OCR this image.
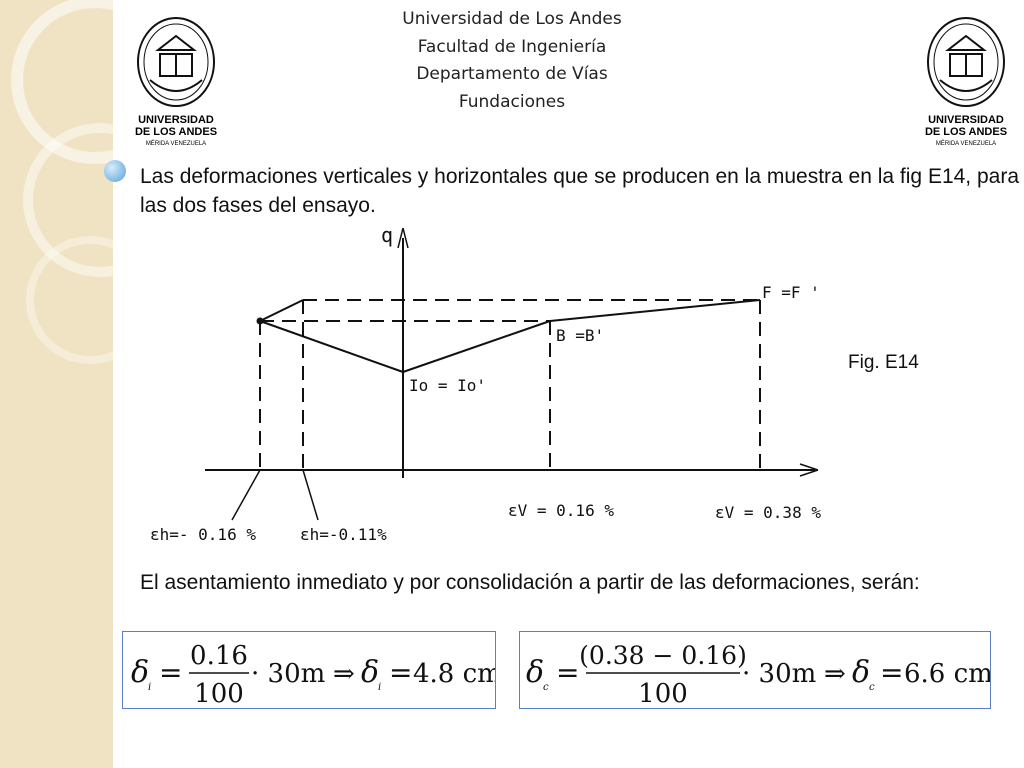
Universidad de Los Andes
Facultad de Ingeniería
Departamento de Vías
Fundaciones
UNIVERSIDAD
DE LOS ANDES
MÉRIDA VENEZUELA
UNIVERSIDAD
DE LOS ANDES
MÉRIDA VENEZUELA
Las deformaciones verticales y horizontales que se producen en la muestra en la fig E14, para las dos fases del ensayo.
q
F =F '
B =B'
Io = Io'
εh=- 0.16 %	εh=-0.11%
εV = 0.16 %	εV = 0.38 %
Fig. E14
El asentamiento inmediato y por consolidación a partir de las deformaciones, serán:
δ
i = 0.16
100
· 30m ⇒ δ
i = 4.8 cm δ
c =
(0.38 − 0.16)
100
· 30m ⇒ δ
c = 6.6 cm
